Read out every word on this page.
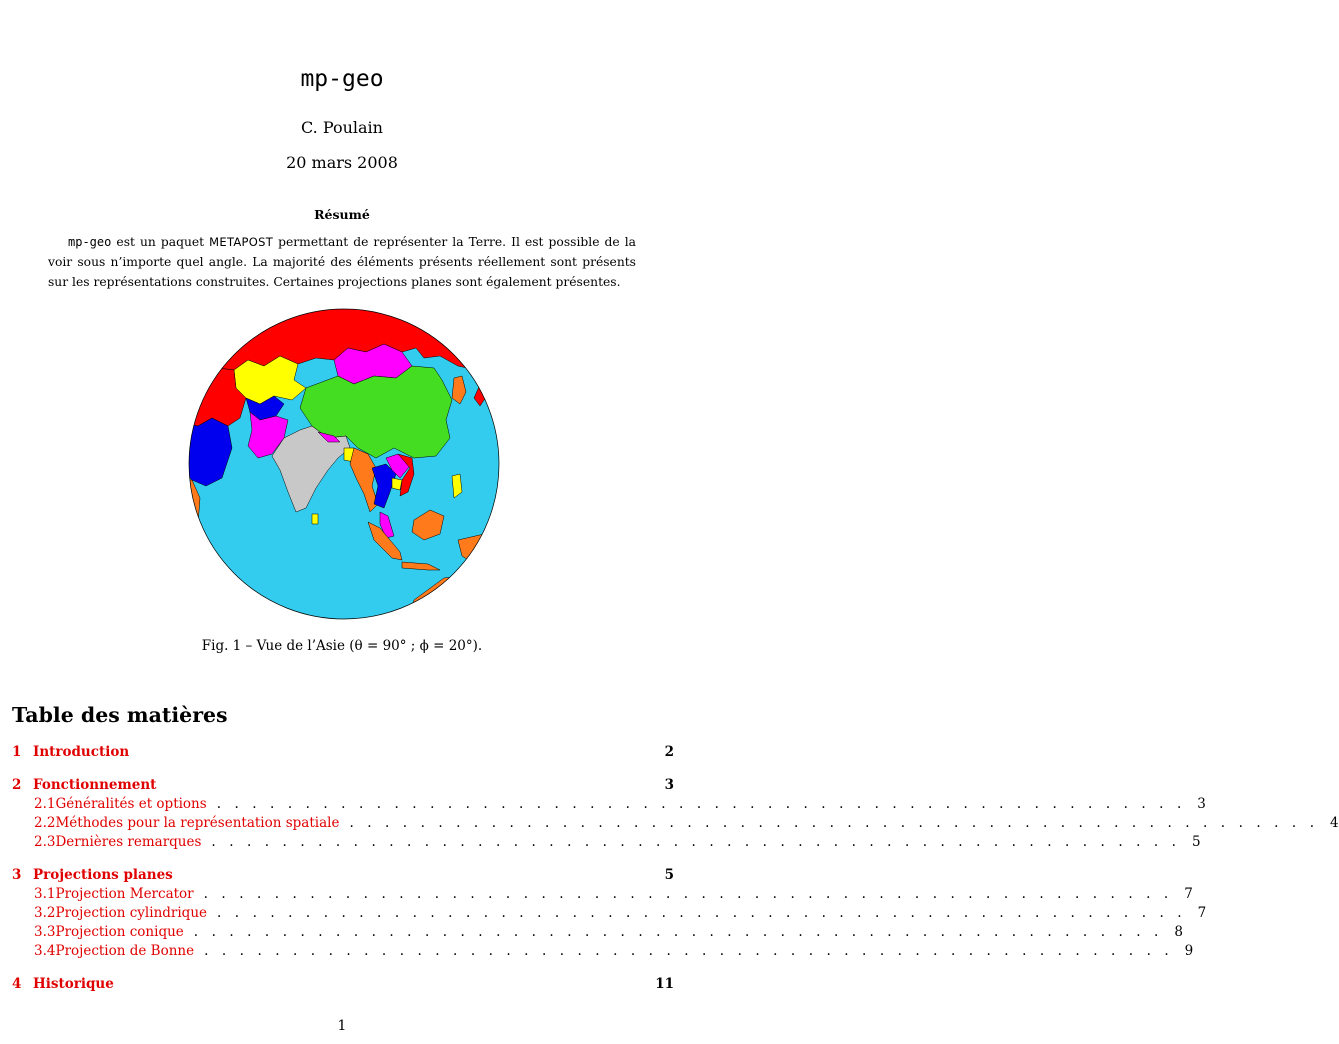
mp-geo
C. Poulain
20 mars 2008
Résumé
mp-geo est un paquet METAPOST permettant de représenter la Terre. Il est possible de la voir sous n’importe quel angle. La majorité des éléments présents réellement sont présents sur les représentations construites. Certaines projections planes sont également présentes.
Fig. 1 – Vue de l’Asie (θ = 90° ; ϕ = 20°).
Table des matières
1 Introduction	2
2 Fonctionnement	3
2.1 Généralités et options . . . . . . . . . . . . . . . . . . . . . . . . . . . . . . . . . . . . . . . . . . . . . . . . . . . . . . . 3
2.2 Méthodes pour la représentation spatiale . . . . . . . . . . . . . . . . . . . . . . . . . . . . . . . . . . . . . . . . . . . . . . . . . . . . . . . 4
2.3 Dernières remarques . . . . . . . . . . . . . . . . . . . . . . . . . . . . . . . . . . . . . . . . . . . . . . . . . . . . . . . 5
3 Projections planes	5
3.1 Projection Mercator . . . . . . . . . . . . . . . . . . . . . . . . . . . . . . . . . . . . . . . . . . . . . . . . . . . . . . . 7
3.2 Projection cylindrique . . . . . . . . . . . . . . . . . . . . . . . . . . . . . . . . . . . . . . . . . . . . . . . . . . . . . . . 7
3.3 Projection conique . . . . . . . . . . . . . . . . . . . . . . . . . . . . . . . . . . . . . . . . . . . . . . . . . . . . . . . 8
3.4 Projection de Bonne . . . . . . . . . . . . . . . . . . . . . . . . . . . . . . . . . . . . . . . . . . . . . . . . . . . . . . . 9
4 Historique	11
1
